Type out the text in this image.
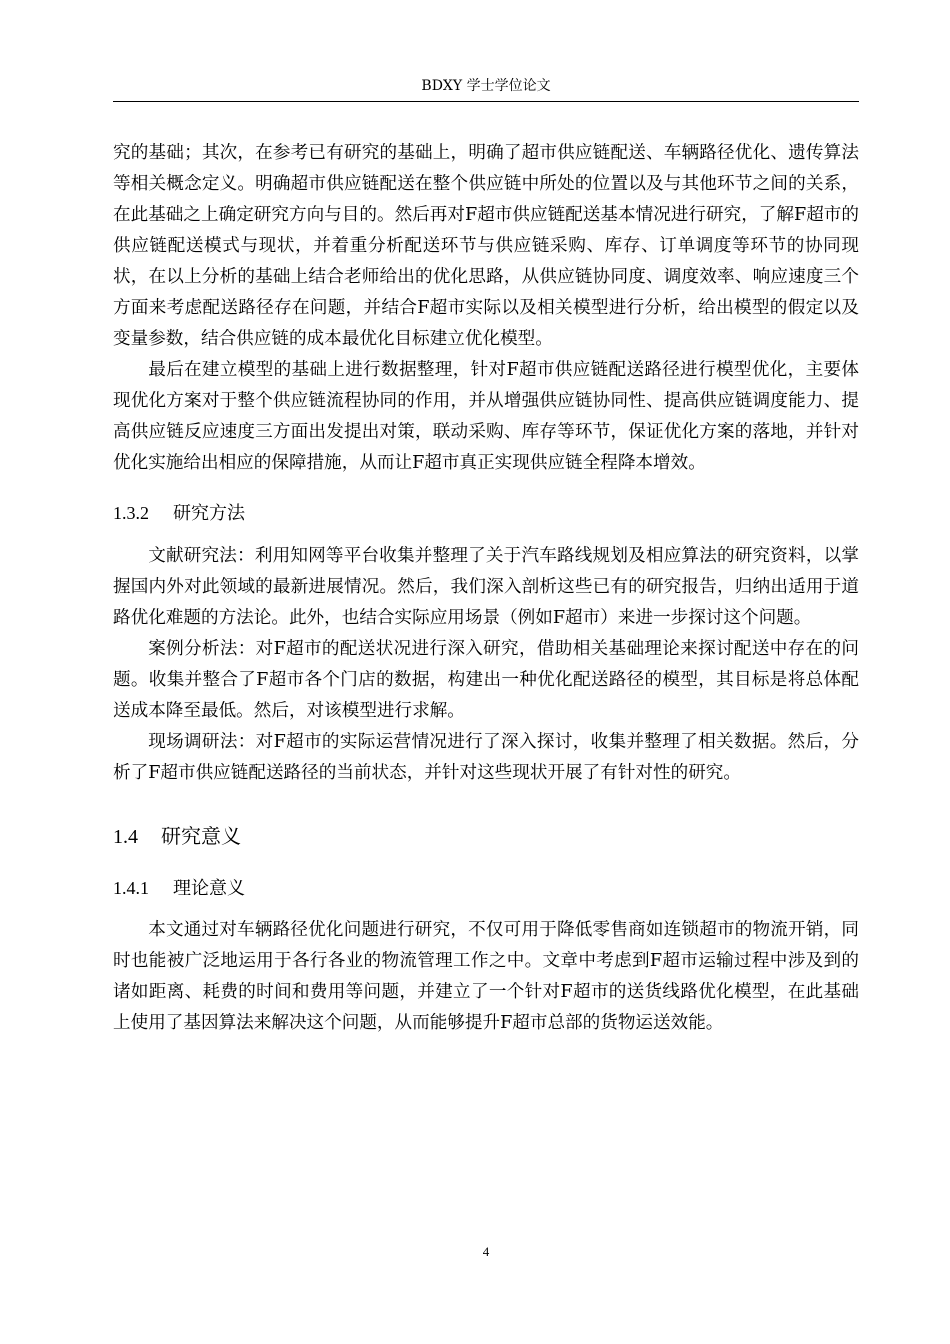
BDXY 学士学位论文

究的基础；其次，在参考已有研究的基础上，明确了超市供应链配送、车辆路径优化、遗传算法等相关概念定义。明确超市供应链配送在整个供应链中所处的位置以及与其他环节之间的关系，在此基础之上确定研究方向与目的。然后再对F超市供应链配送基本情况进行研究，了解F超市的供应链配送模式与现状，并着重分析配送环节与供应链采购、库存、订单调度等环节的协同现状，在以上分析的基础上结合老师给出的优化思路，从供应链协同度、调度效率、响应速度三个方面来考虑配送路径存在问题，并结合F超市实际以及相关模型进行分析，给出模型的假定以及变量参数，结合供应链的成本最优化目标建立优化模型。

最后在建立模型的基础上进行数据整理，针对F超市供应链配送路径进行模型优化，主要体现优化方案对于整个供应链流程协同的作用，并从增强供应链协同性、提高供应链调度能力、提高供应链反应速度三方面出发提出对策，联动采购、库存等环节，保证优化方案的落地，并针对优化实施给出相应的保障措施，从而让F超市真正实现供应链全程降本增效。

1.3.2 研究方法

文献研究法：利用知网等平台收集并整理了关于汽车路线规划及相应算法的研究资料，以掌握国内外对此领域的最新进展情况。然后，我们深入剖析这些已有的研究报告，归纳出适用于道路优化难题的方法论。此外，也结合实际应用场景（例如F超市）来进一步探讨这个问题。

案例分析法：对F超市的配送状况进行深入研究，借助相关基础理论来探讨配送中存在的问题。收集并整合了F超市各个门店的数据，构建出一种优化配送路径的模型，其目标是将总体配送成本降至最低。然后，对该模型进行求解。

现场调研法：对F超市的实际运营情况进行了深入探讨，收集并整理了相关数据。然后，分析了F超市供应链配送路径的当前状态，并针对这些现状开展了有针对性的研究。

1.4 研究意义
1.4.1 理论意义

本文通过对车辆路径优化问题进行研究，不仅可用于降低零售商如连锁超市的物流开销，同时也能被广泛地运用于各行各业的物流管理工作之中。文章中考虑到F超市运输过程中涉及到的诸如距离、耗费的时间和费用等问题，并建立了一个针对F超市的送货线路优化模型，在此基础上使用了基因算法来解决这个问题，从而能够提升F超市总部的货物运送效能。

4
